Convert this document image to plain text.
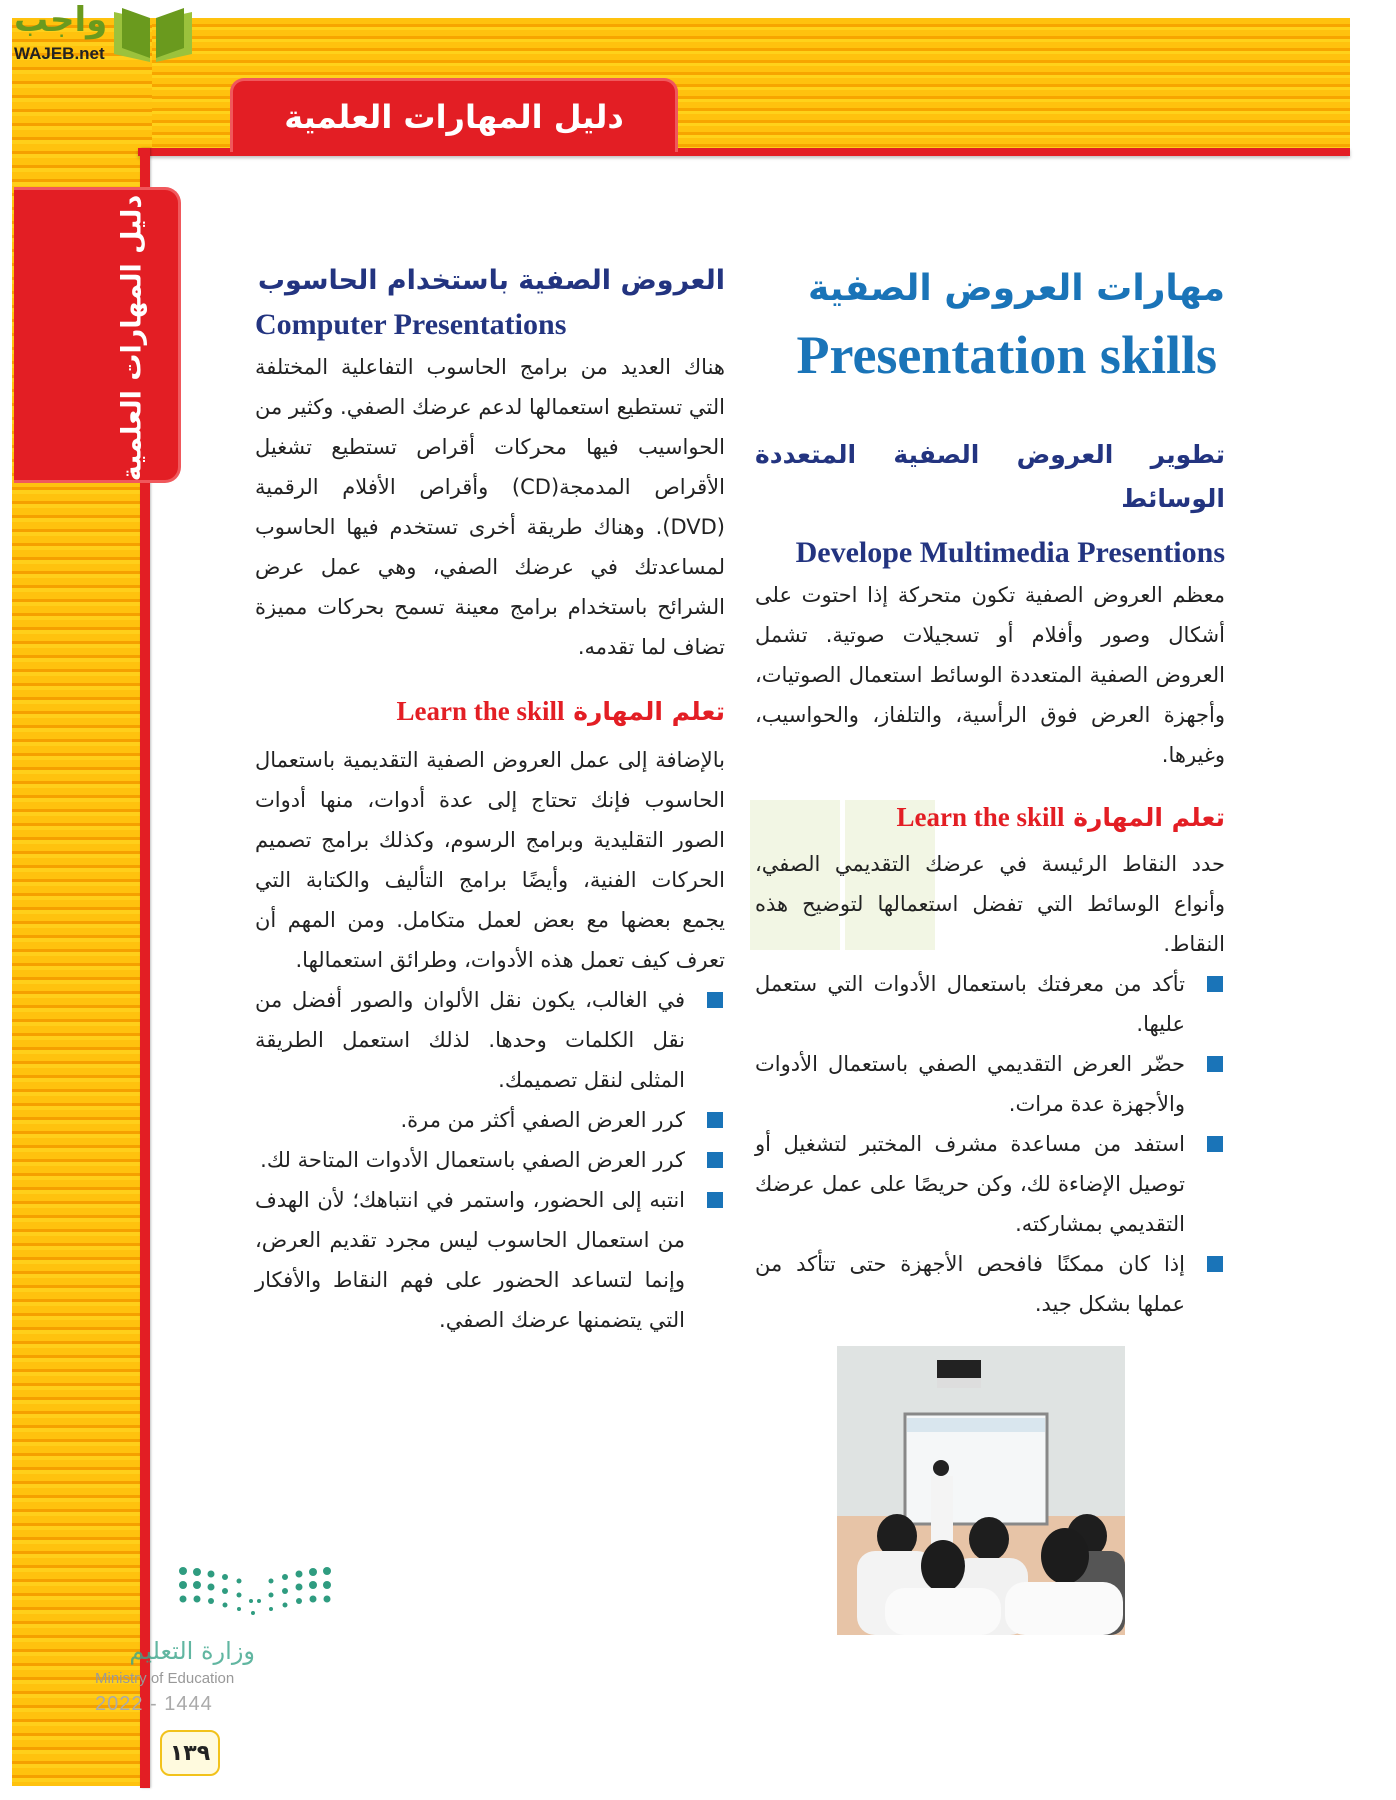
واجب
WAJEB.net
دليل المهارات العلمية
دليل المهارات العلمية	مهارات العروض الصفية
Presentation skills
تطوير العروض الصفية المتعددة الوسائط
Develope Multimedia Presentions

معظم العروض الصفية تكون متحركة إذا احتوت على أشكال وصور وأفلام أو تسجيلات صوتية. تشمل العروض الصفية المتعددة الوسائط استعمال الصوتيات، وأجهزة العرض فوق الرأسية، والتلفاز، والحواسيب، وغيرها.

تعلم المهارة Learn the skill

حدد النقاط الرئيسة في عرضك التقديمي الصفي، وأنواع الوسائط التي تفضل استعمالها لتوضيح هذه النقاط.

تأكد من معرفتك باستعمال الأدوات التي ستعمل عليها.
حضّر العرض التقديمي الصفي باستعمال الأدوات والأجهزة عدة مرات.
استفد من مساعدة مشرف المختبر لتشغيل أو توصيل الإضاءة لك، وكن حريصًا على عمل عرضك التقديمي بمشاركته.
إذا كان ممكنًا فافحص الأجهزة حتى تتأكد من عملها بشكل جيد.
العروض الصفية باستخدام الحاسوب
Computer Presentations

هناك العديد من برامج الحاسوب التفاعلية المختلفة التي تستطيع استعمالها لدعم عرضك الصفي. وكثير من الحواسيب فيها محركات أقراص تستطيع تشغيل الأقراص المدمجة(CD) وأقراص الأفلام الرقمية (DVD). وهناك طريقة أخرى تستخدم فيها الحاسوب لمساعدتك في عرضك الصفي، وهي عمل عرض الشرائح باستخدام برامج معينة تسمح بحركات مميزة تضاف لما تقدمه.

تعلم المهارة Learn the skill

بالإضافة إلى عمل العروض الصفية التقديمية باستعمال الحاسوب فإنك تحتاج إلى عدة أدوات، منها أدوات الصور التقليدية وبرامج الرسوم، وكذلك برامج تصميم الحركات الفنية، وأيضًا برامج التأليف والكتابة التي يجمع بعضها مع بعض لعمل متكامل. ومن المهم أن تعرف كيف تعمل هذه الأدوات، وطرائق استعمالها.

في الغالب، يكون نقل الألوان والصور أفضل من نقل الكلمات وحدها. لذلك استعمل الطريقة المثلى لنقل تصميمك.
كرر العرض الصفي أكثر من مرة.
كرر العرض الصفي باستعمال الأدوات المتاحة لك.
انتبه إلى الحضور، واستمر في انتباهك؛ لأن الهدف من استعمال الحاسوب ليس مجرد تقديم العرض، وإنما لتساعد الحضور على فهم النقاط والأفكار التي يتضمنها عرضك الصفي.
وزارة التعليم
Ministry of Education
2022 - 1444
١٣٩
